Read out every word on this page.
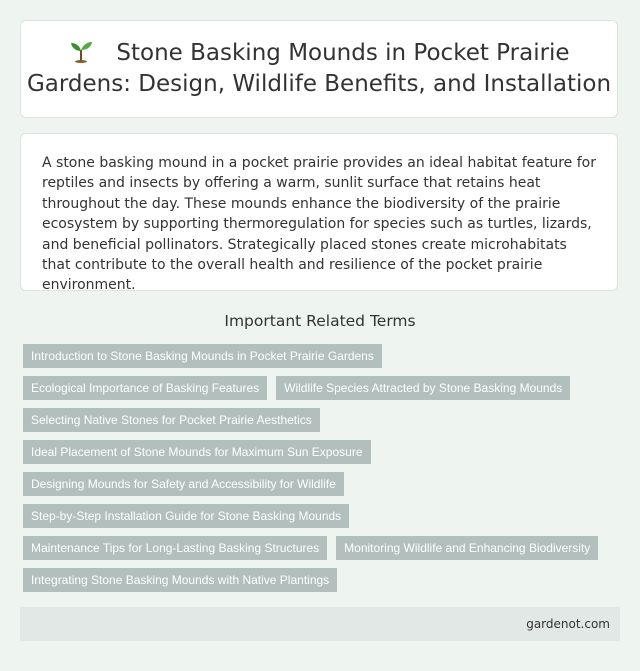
Stone Basking Mounds in Pocket Prairie Gardens: Design, Wildlife Benefits, and Installation

A stone basking mound in a pocket prairie provides an ideal habitat feature for reptiles and insects by offering a warm, sunlit surface that retains heat throughout the day. These mounds enhance the biodiversity of the prairie ecosystem by supporting thermoregulation for species such as turtles, lizards, and beneficial pollinators. Strategically placed stones create microhabitats that contribute to the overall health and resilience of the pocket prairie environment.

Important Related Terms
Introduction to Stone Basking Mounds in Pocket Prairie Gardens
Ecological Importance of Basking Features	Wildlife Species Attracted by Stone Basking Mounds
Selecting Native Stones for Pocket Prairie Aesthetics
Ideal Placement of Stone Mounds for Maximum Sun Exposure
Designing Mounds for Safety and Accessibility for Wildlife
Step-by-Step Installation Guide for Stone Basking Mounds
Maintenance Tips for Long-Lasting Basking Structures	Monitoring Wildlife and Enhancing Biodiversity
Integrating Stone Basking Mounds with Native Plantings
gardenot.com
